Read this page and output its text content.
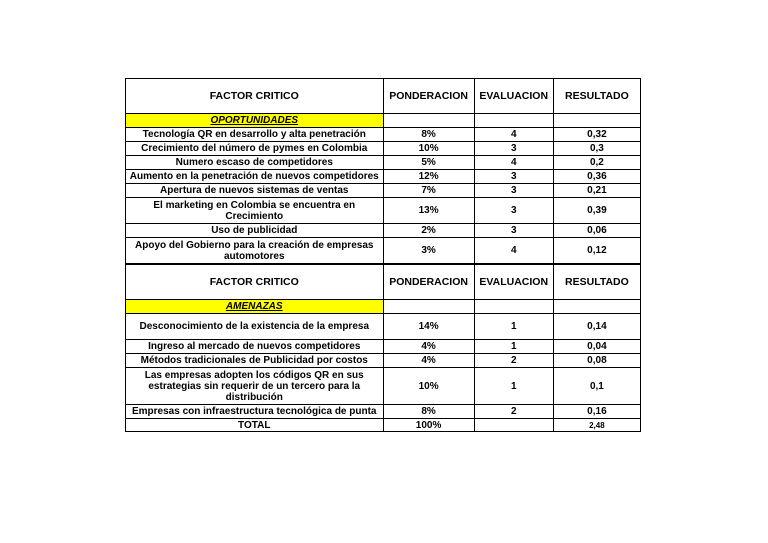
FACTOR CRITICO	PONDERACION	EVALUACION	RESULTADO
OPORTUNIDADES			
Tecnología QR en desarrollo y alta penetración	8%	4	0,32
Crecimiento del número de pymes en Colombia	10%	3	0,3
Numero escaso de competidores	5%	4	0,2
Aumento en la penetración de nuevos competidores	12%	3	0,36
Apertura de nuevos sistemas de ventas	7%	3	0,21
El marketing en Colombia se encuentra en Crecimiento	13%	3	0,39
Uso de publicidad	2%	3	0,06
Apoyo del Gobierno para la creación de empresas automotores	3%	4	0,12
FACTOR CRITICO	PONDERACION	EVALUACION	RESULTADO
AMENAZAS			
Desconocimiento de la existencia de la empresa	14%	1	0,14
Ingreso al mercado de nuevos competidores	4%	1	0,04
Métodos tradicionales de Publicidad por costos	4%	2	0,08
Las empresas adopten los códigos QR en sus estrategias sin requerir de un tercero para la distribución	10%	1	0,1
Empresas con infraestructura tecnológica de punta	8%	2	0,16
TOTAL	100%		2,48
